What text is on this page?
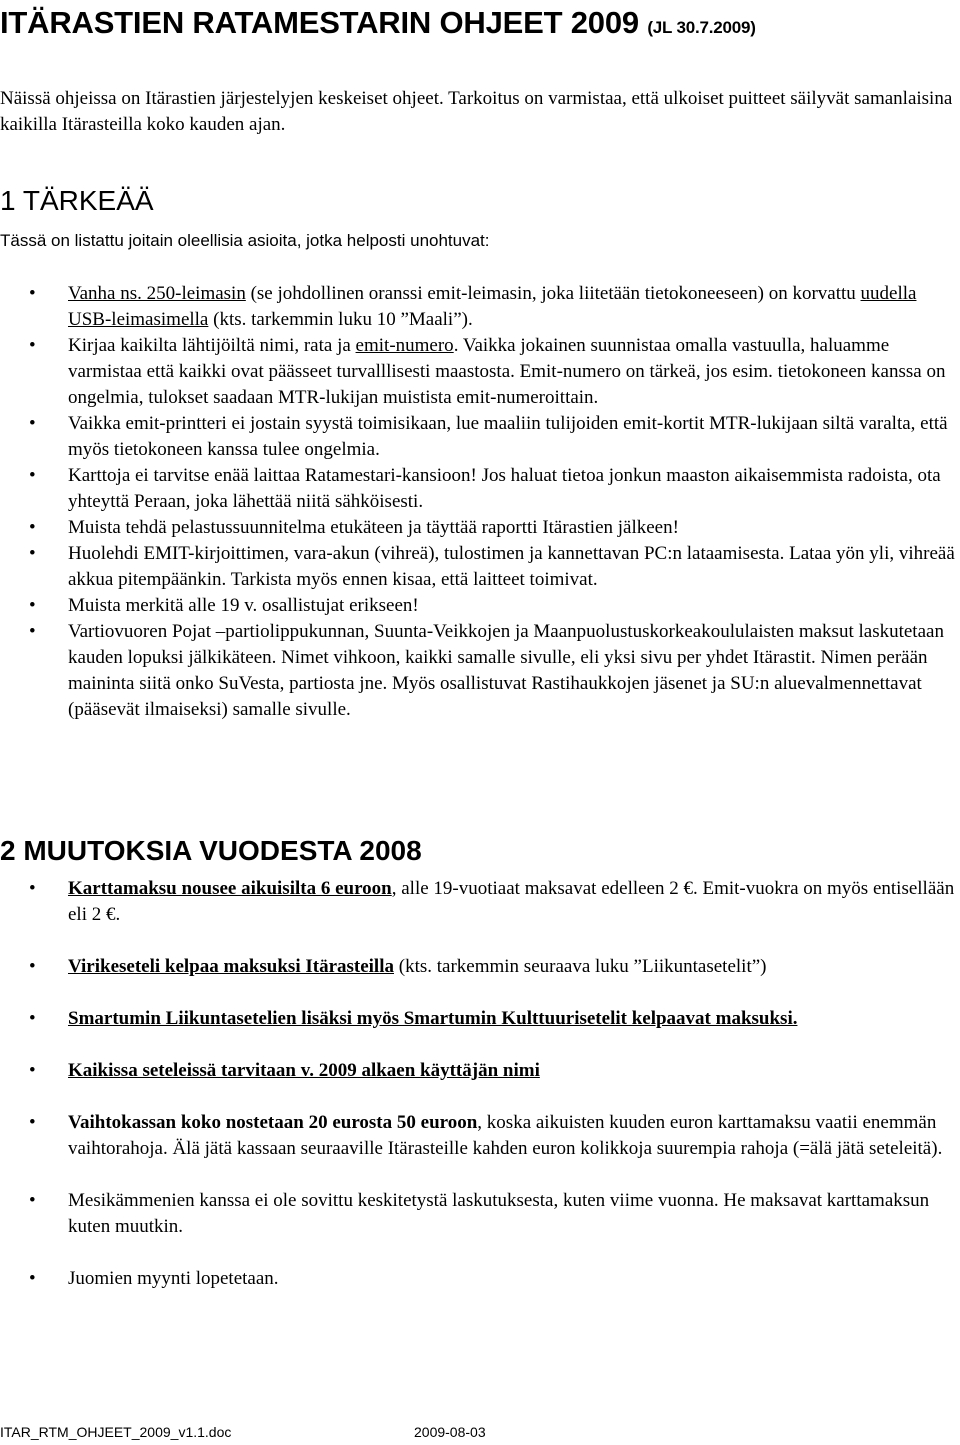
ITÄRASTIEN RATAMESTARIN OHJEET 2009 (JL 30.7.2009)

Näissä ohjeissa on Itärastien järjestelyjen keskeiset ohjeet. Tarkoitus on varmistaa, että ulkoiset puitteet säilyvät samanlaisina kaikilla Itärasteilla koko kauden ajan.

1 TÄRKEÄÄ

Tässä on listattu joitain oleellisia asioita, jotka helposti unohtuvat:

• Vanha ns. 250-leimasin (se johdollinen oranssi emit-leimasin, joka liitetään tietokoneeseen) on korvattu uudella USB-leimasimella (kts. tarkemmin luku 10 ”Maali”).
• Kirjaa kaikilta lähtijöiltä nimi, rata ja emit-numero. Vaikka jokainen suunnistaa omalla vastuulla, haluamme varmistaa että kaikki ovat päässeet turvalllisesti maastosta. Emit-numero on tärkeä, jos esim. tietokoneen kanssa on ongelmia, tulokset saadaan MTR-lukijan muistista emit-numeroittain.
• Vaikka emit-printteri ei jostain syystä toimisikaan, lue maaliin tulijoiden emit-kortit MTR-lukijaan siltä varalta, että myös tietokoneen kanssa tulee ongelmia.
• Karttoja ei tarvitse enää laittaa Ratamestari-kansioon! Jos haluat tietoa jonkun maaston aikaisemmista radoista, ota yhteyttä Peraan, joka lähettää niitä sähköisesti.
• Muista tehdä pelastussuunnitelma etukäteen ja täyttää raportti Itärastien jälkeen!
• Huolehdi EMIT-kirjoittimen, vara-akun (vihreä), tulostimen ja kannettavan PC:n lataamisesta. Lataa yön yli, vihreää akkua pitempäänkin. Tarkista myös ennen kisaa, että laitteet toimivat.
• Muista merkitä alle 19 v. osallistujat erikseen!
• Vartiovuoren Pojat –partiolippukunnan, Suunta-Veikkojen ja Maanpuolustuskorkeakoululaisten maksut laskutetaan kauden lopuksi jälkikäteen. Nimet vihkoon, kaikki samalle sivulle, eli yksi sivu per yhdet Itärastit. Nimen perään maininta siitä onko SuVesta, partiosta jne. Myös osallistuvat Rastihaukkojen jäsenet ja SU:n aluevalmennettavat (pääsevät ilmaiseksi) samalle sivulle.
2 MUUTOKSIA VUODESTA 2008
• Karttamaksu nousee aikuisilta 6 euroon, alle 19-vuotiaat maksavat edelleen 2 €. Emit-vuokra on myös entisellään eli 2 €.
• Virikeseteli kelpaa maksuksi Itärasteilla (kts. tarkemmin seuraava luku ”Liikuntasetelit”)
• Smartumin Liikuntasetelien lisäksi myös Smartumin Kulttuurisetelit kelpaavat maksuksi.
• Kaikissa seteleissä tarvitaan v. 2009 alkaen käyttäjän nimi
• Vaihtokassan koko nostetaan 20 eurosta 50 euroon, koska aikuisten kuuden euron karttamaksu vaatii enemmän vaihtorahoja. Älä jätä kassaan seuraaville Itärasteille kahden euron kolikkoja suurempia rahoja (=älä jätä seteleitä).
• Mesikämmenien kanssa ei ole sovittu keskitetystä laskutuksesta, kuten viime vuonna. He maksavat karttamaksun kuten muutkin.
• Juomien myynti lopetetaan.

ITAR_RTM_OHJEET_2009_v1.1.doc	2009-08-03
